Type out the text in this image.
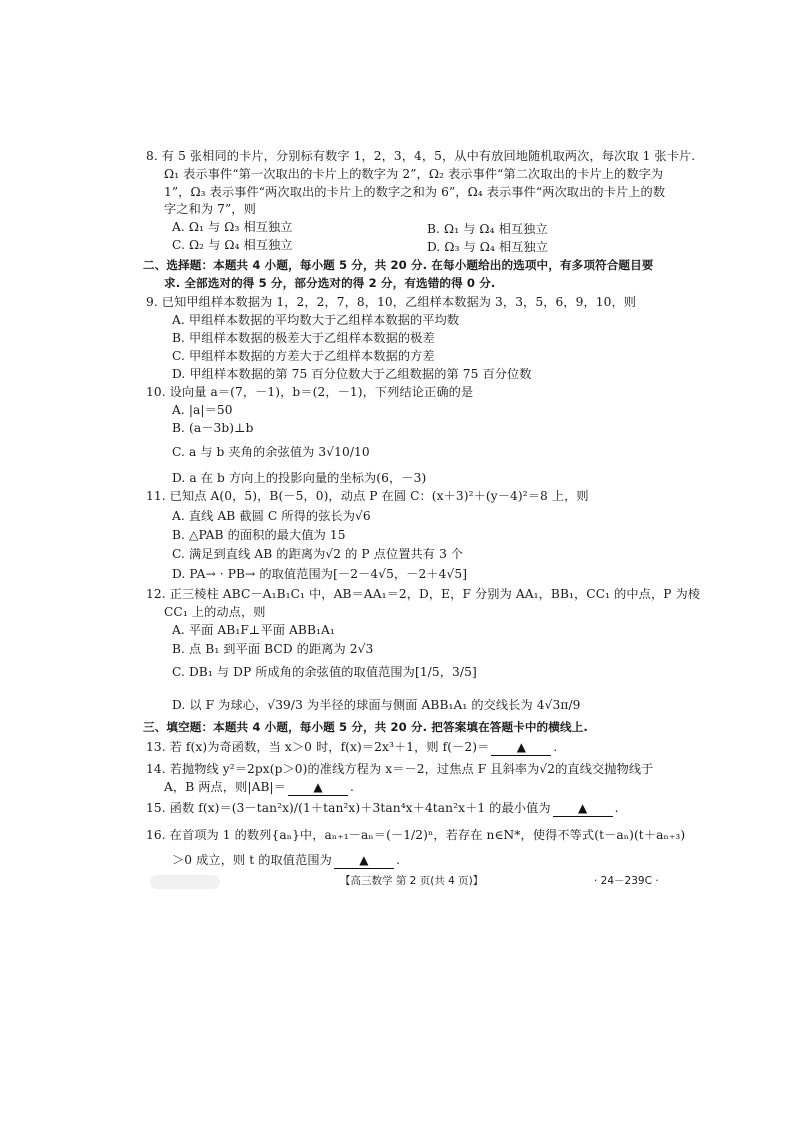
8. 有 5 张相同的卡片，分别标有数字 1，2，3，4，5，从中有放回地随机取两次，每次取 1 张卡片.
Ω₁ 表示事件“第一次取出的卡片上的数字为 2”，Ω₂ 表示事件“第二次取出的卡片上的数字为
1”，Ω₃ 表示事件“两次取出的卡片上的数字之和为 6”，Ω₄ 表示事件“两次取出的卡片上的数
字之和为 7”，则
A. Ω₁ 与 Ω₃ 相互独立	B. Ω₁ 与 Ω₄ 相互独立
C. Ω₂ 与 Ω₄ 相互独立	D. Ω₃ 与 Ω₄ 相互独立
二、选择题：本题共 4 小题，每小题 5 分，共 20 分. 在每小题给出的选项中，有多项符合题目要
求. 全部选对的得 5 分，部分选对的得 2 分，有选错的得 0 分.
9. 已知甲组样本数据为 1，2，2，7，8，10，乙组样本数据为 3，3，5，6，9，10，则
A. 甲组样本数据的平均数大于乙组样本数据的平均数
B. 甲组样本数据的极差大于乙组样本数据的极差
C. 甲组样本数据的方差大于乙组样本数据的方差
D. 甲组样本数据的第 75 百分位数大于乙组数据的第 75 百分位数
10. 设向量 a＝(7，－1)，b＝(2，－1)，下列结论正确的是
A. |a|＝50
B. (a－3b)⊥b
C. a 与 b 夹角的余弦值为 3√10/10
D. a 在 b 方向上的投影向量的坐标为(6，－3)
11. 已知点 A(0，5)，B(－5，0)，动点 P 在圆 C：(x＋3)²＋(y－4)²＝8 上，则
A. 直线 AB 截圆 C 所得的弦长为√6
B. △PAB 的面积的最大值为 15
C. 满足到直线 AB 的距离为√2 的 P 点位置共有 3 个
D. PA→ · PB→ 的取值范围为[－2－4√5，－2＋4√5]
12. 正三棱柱 ABC－A₁B₁C₁ 中，AB＝AA₁＝2，D，E，F 分别为 AA₁，BB₁，CC₁ 的中点，P 为棱
CC₁ 上的动点，则
A. 平面 AB₁F⊥平面 ABB₁A₁
B. 点 B₁ 到平面 BCD 的距离为 2√3
C. DB₁ 与 DP 所成角的余弦值的取值范围为[1/5，3/5]
D. 以 F 为球心，√39/3 为半径的球面与侧面 ABB₁A₁ 的交线长为 4√3π/9
三、填空题：本题共 4 小题，每小题 5 分，共 20 分. 把答案填在答题卡中的横线上.
13. 若 f(x)为奇函数，当 x＞0 时，f(x)＝2x³＋1，则 f(－2)＝ ▲ .
14. 若抛物线 y²＝2px(p＞0)的准线方程为 x＝－2，过焦点 F 且斜率为√2的直线交抛物线于
A，B 两点，则|AB|＝ ▲ .
15. 函数 f(x)＝(3－tan²x)/(1＋tan²x)＋3tan⁴x＋4tan²x＋1 的最小值为 ▲ .
16. 在首项为 1 的数列{aₙ}中，aₙ₊₁－aₙ＝(－1/2)ⁿ，若存在 n∈N*，使得不等式(t－aₙ)(t＋aₙ₊₃)
＞0 成立，则 t 的取值范围为 ▲ .
【高三数学 第 2 页(共 4 页)】	· 24－239C ·
